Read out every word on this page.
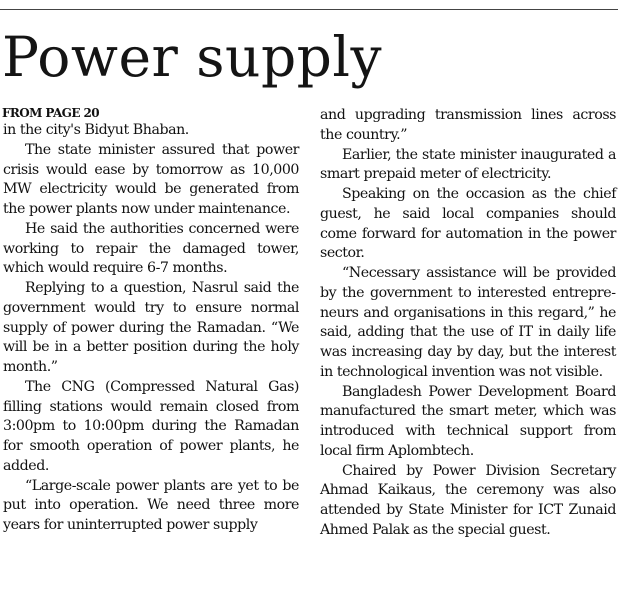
Power supply
FROM PAGE 20

in the city's Bidyut Bhaban.

The state minister assured that power crisis would ease by tomorrow as 10,000 MW electricity would be generated from the power plants now under maintenance.

He said the authorities concerned were working to repair the damaged tower, which would require 6-7 months.

Replying to a question, Nasrul said the government would try to ensure normal supply of power during the Ramadan. “We will be in a better position during the holy month.”

The CNG (Compressed Natural Gas) filling stations would remain closed from 3:00pm to 10:00pm during the Ramadan for smooth operation of power plants, he added.

“Large-scale power plants are yet to be put into operation. We need three more years for uninterrupted power supply

and upgrading transmission lines across the country.”

Earlier, the state minister inaugurated a smart prepaid meter of electricity.

Speaking on the occasion as the chief guest, he said local companies should come forward for automation in the power sector.

“Necessary assistance will be provided by the government to interested entrepreneurs and organisations in this regard,” he said, adding that the use of IT in daily life was increasing day by day, but the interest in technological invention was not visible.

Bangladesh Power Development Board manufactured the smart meter, which was introduced with technical support from local firm Aplombtech.

Chaired by Power Division Secretary Ahmad Kaikaus, the ceremony was also attended by State Minister for ICT Zunaid Ahmed Palak as the special guest.
